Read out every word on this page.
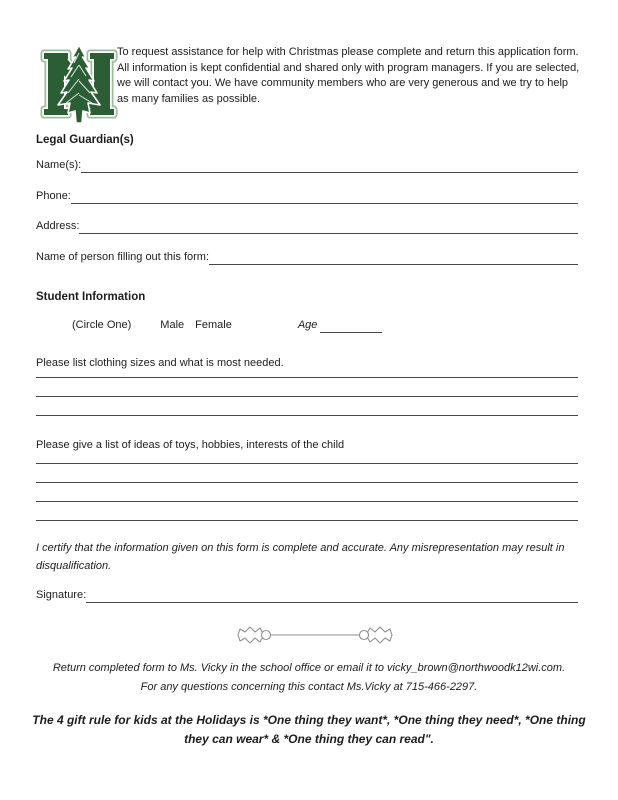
To request assistance for help with Christmas please complete and return this application form. All information is kept confidential and shared only with program managers. If you are selected, we will contact you. We have community members who are very generous and we try to help as many families as possible.
Legal Guardian(s)
Name(s):
Phone:
Address:
Name of person filling out this form:
Student Information
(Circle One)	Male Female	Age
Please list clothing sizes and what is most needed.
Please give a list of ideas of toys, hobbies, interests of the child
I certify that the information given on this form is complete and accurate. Any misrepresentation may result in disqualification.
Signature:
Return completed form to Ms. Vicky in the school office or email it to vicky_brown@northwoodk12wi.com.
For any questions concerning this contact Ms.Vicky at 715-466-2297.
The 4 gift rule for kids at the Holidays is *One thing they want*, *One thing they need*, *One thing they can wear* & *One thing they can read".
